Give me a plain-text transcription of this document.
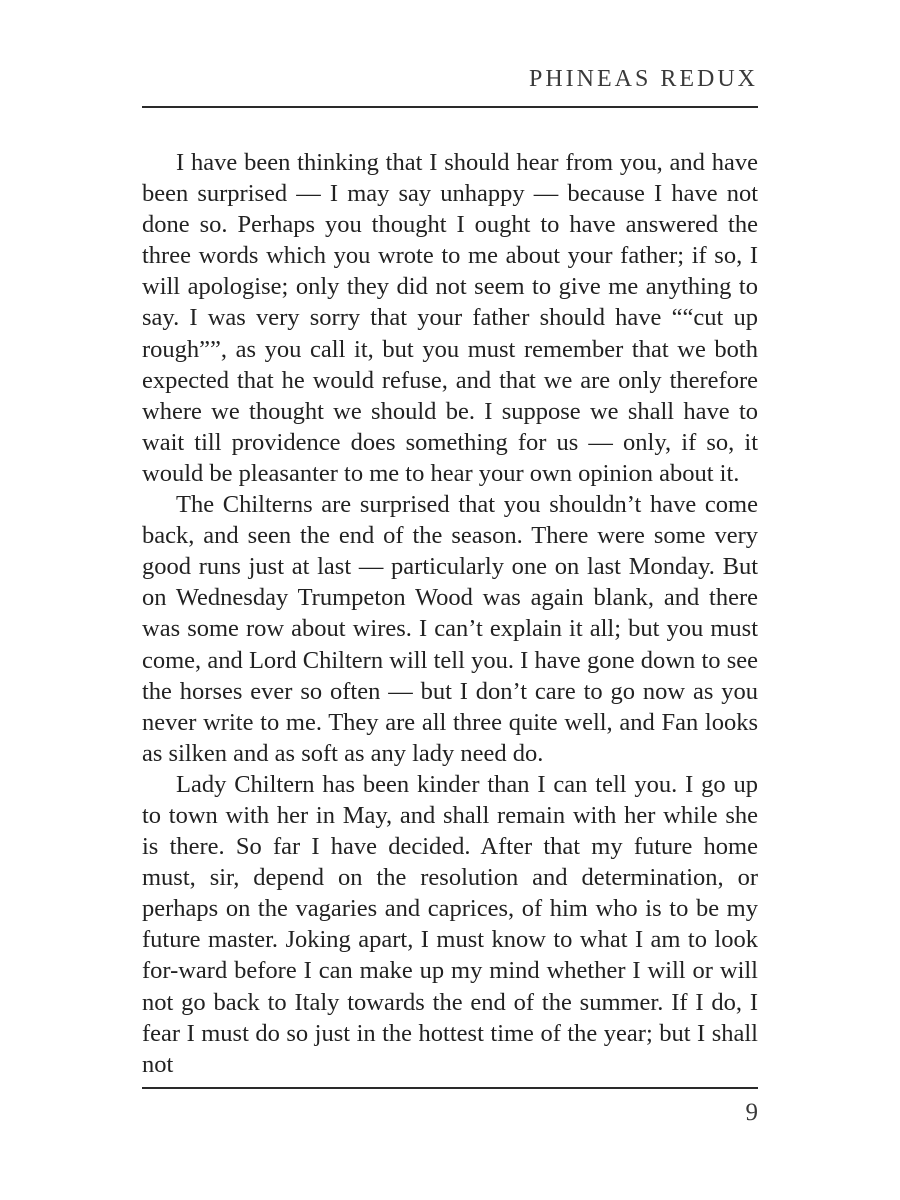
PHINEAS REDUX

I have been thinking that I should hear from you, and have been surprised — I may say unhappy — because I have not done so. Perhaps you thought I ought to have answered the three words which you wrote to me about your father; if so, I will apologise; only they did not seem to give me anything to say. I was very sorry that your father should have ““cut up rough””, as you call it, but you must remember that we both expected that he would refuse, and that we are only therefore where we thought we should be. I suppose we shall have to wait till providence does something for us — only, if so, it would be pleasanter to me to hear your own opinion about it.

The Chilterns are surprised that you shouldn’t have come back, and seen the end of the season. There were some very good runs just at last — particularly one on last Monday. But on Wednesday Trumpeton Wood was again blank, and there was some row about wires. I can’t explain it all; but you must come, and Lord Chiltern will tell you. I have gone down to see the horses ever so often — but I don’t care to go now as you never write to me. They are all three quite well, and Fan looks as silken and as soft as any lady need do.

Lady Chiltern has been kinder than I can tell you. I go up to town with her in May, and shall remain with her while she is there. So far I have decided. After that my future home must, sir, depend on the resolution and determination, or perhaps on the vagaries and caprices, of him who is to be my future master. Joking apart, I must know to what I am to look for-ward before I can make up my mind whether I will or will not go back to Italy towards the end of the summer. If I do, I fear I must do so just in the hottest time of the year; but I shall not

9
